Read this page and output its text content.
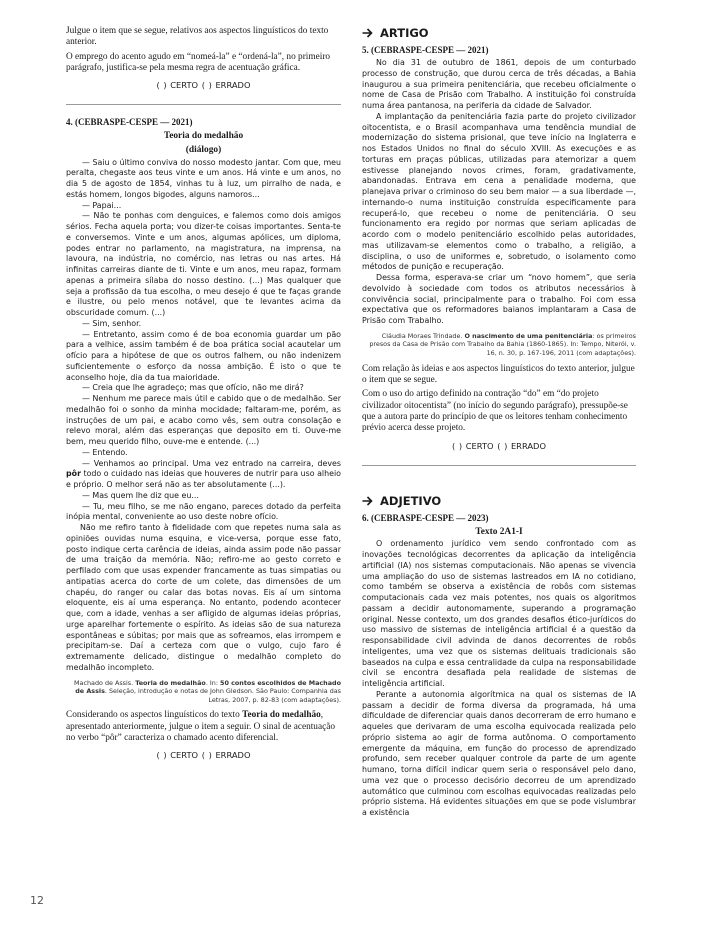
Julgue o item que se segue, relativos aos aspectos linguísticos do texto anterior.

O emprego do acento agudo em “nomeá-la” e “ordená-la”, no primeiro parágrafo, justifica-se pela mesma regra de acentuação gráfica.

( ) CERTO ( ) ERRADO

4. (CEBRASPE-CESPE — 2021)
Teoria do medalhão
(diálogo)

— Saiu o último conviva do nosso modesto jantar. Com que, meu peralta, chegaste aos teus vinte e um anos. Há vinte e um anos, no dia 5 de agosto de 1854, vinhas tu à luz, um pirralho de nada, e estás homem, longos bigodes, alguns namoros...

— Papai...

— Não te ponhas com denguices, e falemos como dois amigos sérios. Fecha aquela porta; vou dizer-te coisas importantes. Senta-te e conversemos. Vinte e um anos, algumas apólices, um diploma, podes entrar no parlamento, na magistratura, na imprensa, na lavoura, na indústria, no comércio, nas letras ou nas artes. Há infinitas carreiras diante de ti. Vinte e um anos, meu rapaz, formam apenas a primeira sílaba do nosso destino. (...) Mas qualquer que seja a profissão da tua escolha, o meu desejo é que te faças grande e ilustre, ou pelo menos notável, que te levantes acima da obscuridade comum. (...)

— Sim, senhor.

— Entretanto, assim como é de boa economia guardar um pão para a velhice, assim também é de boa prática social acautelar um ofício para a hipótese de que os outros falhem, ou não indenizem suficientemente o esforço da nossa ambição. É isto o que te aconselho hoje, dia da tua maioridade.

— Creia que lhe agradeço; mas que ofício, não me dirá?

— Nenhum me parece mais útil e cabido que o de medalhão. Ser medalhão foi o sonho da minha mocidade; faltaram-me, porém, as instruções de um pai, e acabo como vês, sem outra consolação e relevo moral, além das esperanças que deposito em ti. Ouve-me bem, meu querido filho, ouve-me e entende. (...)

— Entendo.

— Venhamos ao principal. Uma vez entrado na carreira, deves pôr todo o cuidado nas ideias que houveres de nutrir para uso alheio e próprio. O melhor será não as ter absolutamente (...).

— Mas quem lhe diz que eu...

— Tu, meu filho, se me não engano, pareces dotado da perfeita inópia mental, conveniente ao uso deste nobre ofício.

Não me refiro tanto à fidelidade com que repetes numa sala as opiniões ouvidas numa esquina, e vice-versa, porque esse fato, posto indique certa carência de ideias, ainda assim pode não passar de uma traição da memória. Não; refiro-me ao gesto correto e perfilado com que usas expender francamente as tuas simpatias ou antipatias acerca do corte de um colete, das dimensões de um chapéu, do ranger ou calar das botas novas. Eis aí um sintoma eloquente, eis aí uma esperança. No entanto, podendo acontecer que, com a idade, venhas a ser afligido de algumas ideias próprias, urge aparelhar fortemente o espírito. As ideias são de sua natureza espontâneas e súbitas; por mais que as sofreamos, elas irrompem e precipitam-se. Daí a certeza com que o vulgo, cujo faro é extremamente delicado, distingue o medalhão completo do medalhão incompleto.

Machado de Assis. Teoria do medalhão. In: 50 contos escolhidos de Machado de Assis. Seleção, introdução e notas de John Gledson. São Paulo: Companhia das Letras, 2007, p. 82-83 (com adaptações).

Considerando os aspectos linguísticos do texto Teoria do medalhão, apresentado anteriormente, julgue o item a seguir. O sinal de acentuação no verbo “pôr” caracteriza o chamado acento diferencial.

( ) CERTO ( ) ERRADO

ARTIGO
5. (CEBRASPE-CESPE — 2021)

No dia 31 de outubro de 1861, depois de um conturbado processo de construção, que durou cerca de três décadas, a Bahia inaugurou a sua primeira penitenciária, que recebeu oficialmente o nome de Casa de Prisão com Trabalho. A instituição foi construída numa área pantanosa, na periferia da cidade de Salvador.

A implantação da penitenciária fazia parte do projeto civilizador oitocentista, e o Brasil acompanhava uma tendência mundial de modernização do sistema prisional, que teve início na Inglaterra e nos Estados Unidos no final do século XVIII. As execuções e as torturas em praças públicas, utilizadas para atemorizar a quem estivesse planejando novos crimes, foram, gradativamente, abandonadas. Entrava em cena a penalidade moderna, que planejava privar o criminoso do seu bem maior — a sua liberdade —, internando-o numa instituição construída especificamente para recuperá-lo, que recebeu o nome de penitenciária. O seu funcionamento era regido por normas que seriam aplicadas de acordo com o modelo penitenciário escolhido pelas autoridades, mas utilizavam-se elementos como o trabalho, a religião, a disciplina, o uso de uniformes e, sobretudo, o isolamento como métodos de punição e recuperação.

Dessa forma, esperava-se criar um “novo homem”, que seria devolvido à sociedade com todos os atributos necessários à convivência social, principalmente para o trabalho. Foi com essa expectativa que os reformadores baianos implantaram a Casa de Prisão com Trabalho.

Cláudia Moraes Trindade. O nascimento de uma penitenciária: os primeiros presos da Casa de Prisão com Trabalho da Bahia (1860-1865). In: Tempo, Niterói, v. 16, n. 30, p. 167-196, 2011 (com adaptações).

Com relação às ideias e aos aspectos linguísticos do texto anterior, julgue o item que se segue.

Com o uso do artigo definido na contração “do” em “do projeto civilizador oitocentista” (no início do segundo parágrafo), pressupõe-se que a autora parte do princípio de que os leitores tenham conhecimento prévio acerca desse projeto.

( ) CERTO ( ) ERRADO

ADJETIVO
6. (CEBRASPE-CESPE — 2023)
Texto 2A1-I

O ordenamento jurídico vem sendo confrontado com as inovações tecnológicas decorrentes da aplicação da inteligência artificial (IA) nos sistemas computacionais. Não apenas se vivencia uma ampliação do uso de sistemas lastreados em IA no cotidiano, como também se observa a existência de robôs com sistemas computacionais cada vez mais potentes, nos quais os algoritmos passam a decidir autonomamente, superando a programação original. Nesse contexto, um dos grandes desafios ético-jurídicos do uso massivo de sistemas de inteligência artificial é a questão da responsabilidade civil advinda de danos decorrentes de robôs inteligentes, uma vez que os sistemas delituais tradicionais são baseados na culpa e essa centralidade da culpa na responsabilidade civil se encontra desafiada pela realidade de sistemas de inteligência artificial.

Perante a autonomia algorítmica na qual os sistemas de IA passam a decidir de forma diversa da programada, há uma dificuldade de diferenciar quais danos decorreram de erro humano e aqueles que derivaram de uma escolha equivocada realizada pelo próprio sistema ao agir de forma autônoma. O comportamento emergente da máquina, em função do processo de aprendizado profundo, sem receber qualquer controle da parte de um agente humano, torna difícil indicar quem seria o responsável pelo dano, uma vez que o processo decisório decorreu de um aprendizado automático que culminou com escolhas equivocadas realizadas pelo próprio sistema. Há evidentes situações em que se pode vislumbrar a existência

12
